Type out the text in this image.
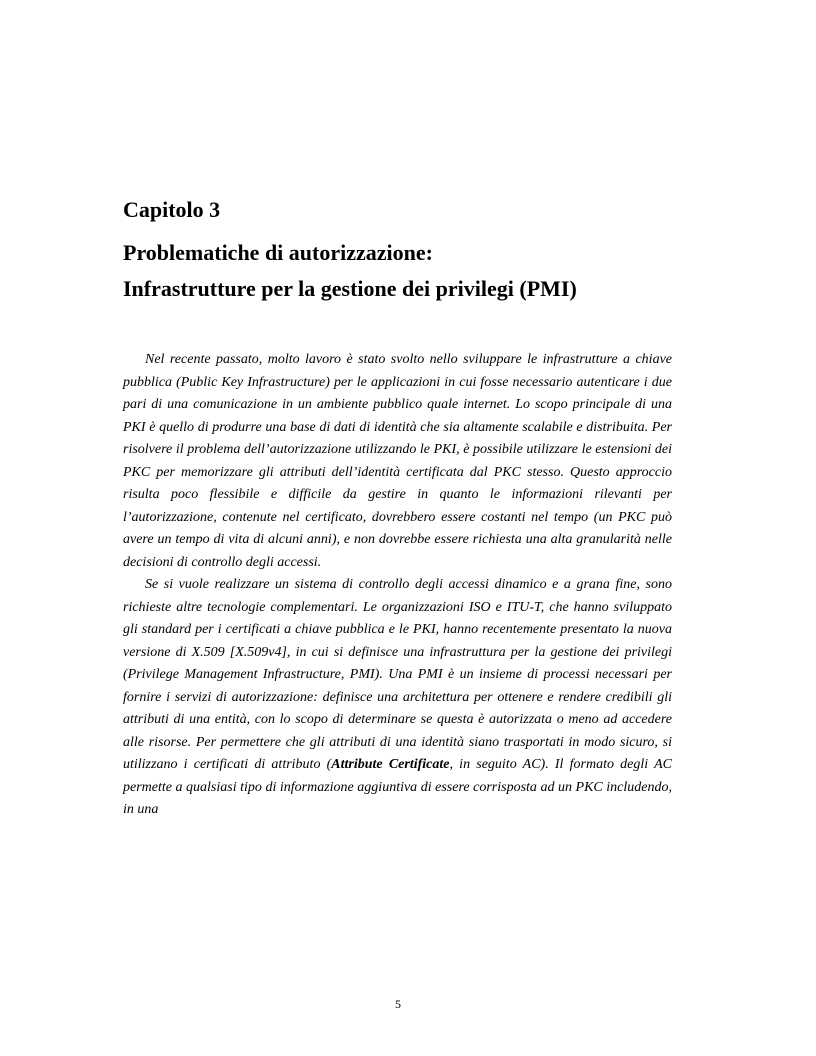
Capitolo 3
Problematiche di autorizzazione:
Infrastrutture per la gestione dei privilegi (PMI)

Nel recente passato, molto lavoro è stato svolto nello sviluppare le infrastrutture a chiave pubblica (Public Key Infrastructure) per le applicazioni in cui fosse necessario autenticare i due pari di una comunicazione in un ambiente pubblico quale internet. Lo scopo principale di una PKI è quello di produrre una base di dati di identità che sia altamente scalabile e distribuita. Per risolvere il problema dell’autorizzazione utilizzando le PKI, è possibile utilizzare le estensioni dei PKC per memorizzare gli attributi dell’identità certificata dal PKC stesso. Questo approccio risulta poco flessibile e difficile da gestire in quanto le informazioni rilevanti per l’autorizzazione, contenute nel certificato, dovrebbero essere costanti nel tempo (un PKC può avere un tempo di vita di alcuni anni), e non dovrebbe essere richiesta una alta granularità nelle decisioni di controllo degli accessi.

Se si vuole realizzare un sistema di controllo degli accessi dinamico e a grana fine, sono richieste altre tecnologie complementari. Le organizzazioni ISO e ITU-T, che hanno sviluppato gli standard per i certificati a chiave pubblica e le PKI, hanno recentemente presentato la nuova versione di X.509 [X.509v4], in cui si definisce una infrastruttura per la gestione dei privilegi (Privilege Management Infrastructure, PMI). Una PMI è un insieme di processi necessari per fornire i servizi di autorizzazione: definisce una architettura per ottenere e rendere credibili gli attributi di una entità, con lo scopo di determinare se questa è autorizzata o meno ad accedere alle risorse. Per permettere che gli attributi di una identità siano trasportati in modo sicuro, si utilizzano i certificati di attributo (Attribute Certificate, in seguito AC). Il formato degli AC permette a qualsiasi tipo di informazione aggiuntiva di essere corrisposta ad un PKC includendo, in una

5
